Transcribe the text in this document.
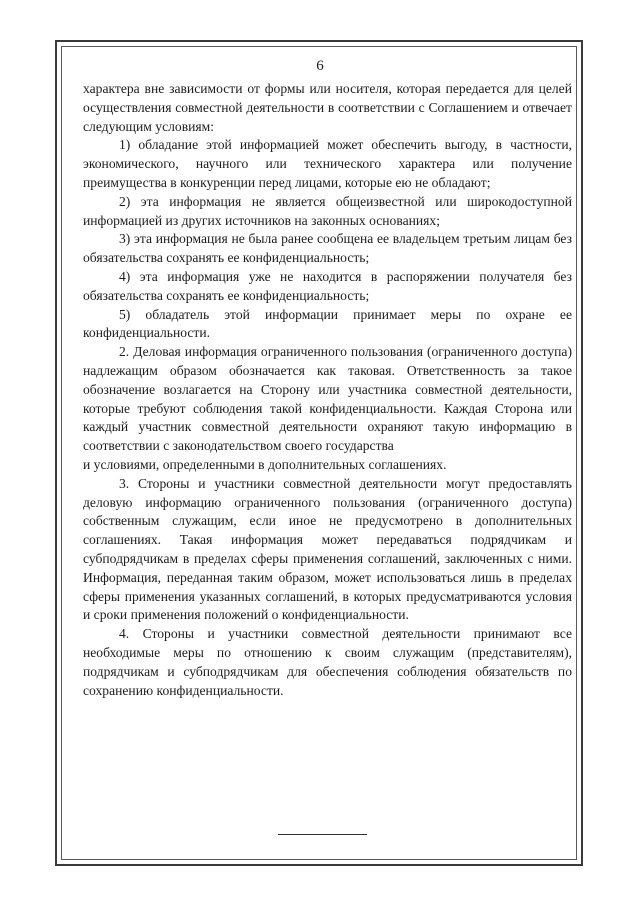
6

характера вне зависимости от формы или носителя, которая передается для целей осуществления совместной деятельности в соответствии с Соглашением и отвечает следующим условиям:

1) обладание этой информацией может обеспечить выгоду, в частности, экономического, научного или технического характера или получение преимущества в конкуренции перед лицами, которые ею не обладают;

2) эта информация не является общеизвестной или широкодоступной информацией из других источников на законных основаниях;

3) эта информация не была ранее сообщена ее владельцем третьим лицам без обязательства сохранять ее конфиденциальность;

4) эта информация уже не находится в распоряжении получателя без обязательства сохранять ее конфиденциальность;

5) обладатель этой информации принимает меры по охране ее конфиденциальности.

2. Деловая информация ограниченного пользования (ограниченного доступа) надлежащим образом обозначается как таковая. Ответственность за такое обозначение возлагается на Сторону или участника совместной деятельности, которые требуют соблюдения такой конфиденциальности. Каждая Сторона или каждый участник совместной деятельности охраняют такую информацию в соответствии с законодательством своего государства

и условиями, определенными в дополнительных соглашениях.

3. Стороны и участники совместной деятельности могут предоставлять деловую информацию ограниченного пользования (ограниченного доступа) собственным служащим, если иное не предусмотрено в дополнительных соглашениях. Такая информация может передаваться подрядчикам и субподрядчикам в пределах сферы применения соглашений, заключенных с ними. Информация, переданная таким образом, может использоваться лишь в пределах сферы применения указанных соглашений, в которых предусматриваются условия и сроки применения положений о конфиденциальности.

4. Стороны и участники совместной деятельности принимают все необходимые меры по отношению к своим служащим (представителям), подрядчикам и субподрядчикам для обеспечения соблюдения обязательств по сохранению конфиденциальности.
